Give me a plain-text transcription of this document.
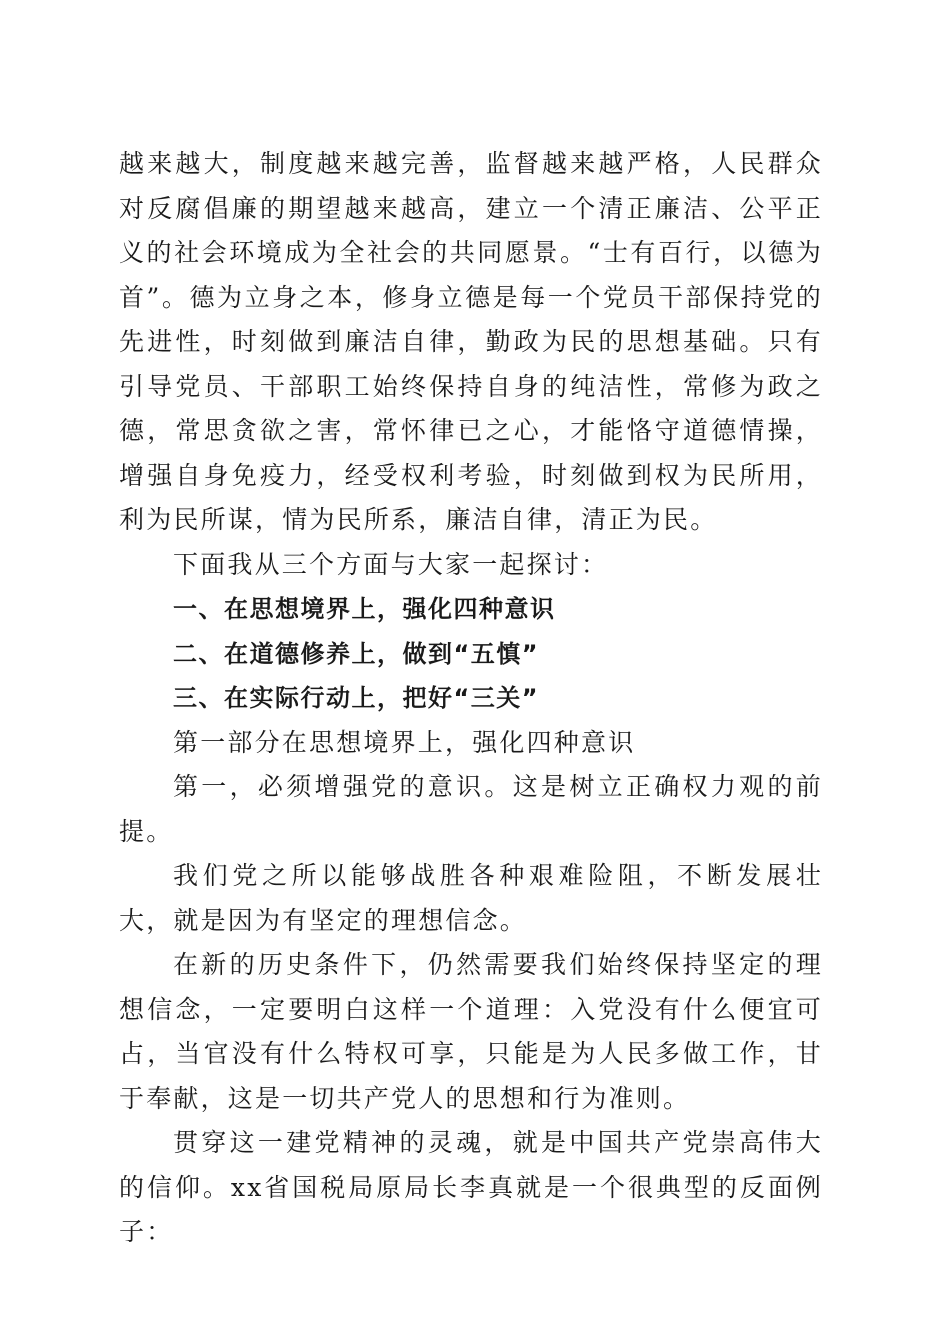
越来越大，制度越来越完善，监督越来越严格，人民群众对反腐倡廉的期望越来越高，建立一个清正廉洁、公平正义的社会环境成为全社会的共同愿景。“士有百行，以德为首”。德为立身之本，修身立德是每一个党员干部保持党的先进性，时刻做到廉洁自律，勤政为民的思想基础。只有引导党员、干部职工始终保持自身的纯洁性，常修为政之德，常思贪欲之害，常怀律已之心，才能恪守道德情操，增强自身免疫力，经受权利考验，时刻做到权为民所用，利为民所谋，情为民所系，廉洁自律，清正为民。

下面我从三个方面与大家一起探讨：

一、在思想境界上，强化四种意识

二、在道德修养上，做到“五慎”

三、在实际行动上，把好“三关”

第一部分在思想境界上，强化四种意识

第一，必须增强党的意识。这是树立正确权力观的前提。

我们党之所以能够战胜各种艰难险阻，不断发展壮大，就是因为有坚定的理想信念。

在新的历史条件下，仍然需要我们始终保持坚定的理想信念，一定要明白这样一个道理：入党没有什么便宜可占，当官没有什么特权可享，只能是为人民多做工作，甘于奉献，这是一切共产党人的思想和行为准则。

贯穿这一建党精神的灵魂，就是中国共产党崇高伟大的信仰。xx省国税局原局长李真就是一个很典型的反面例子：
